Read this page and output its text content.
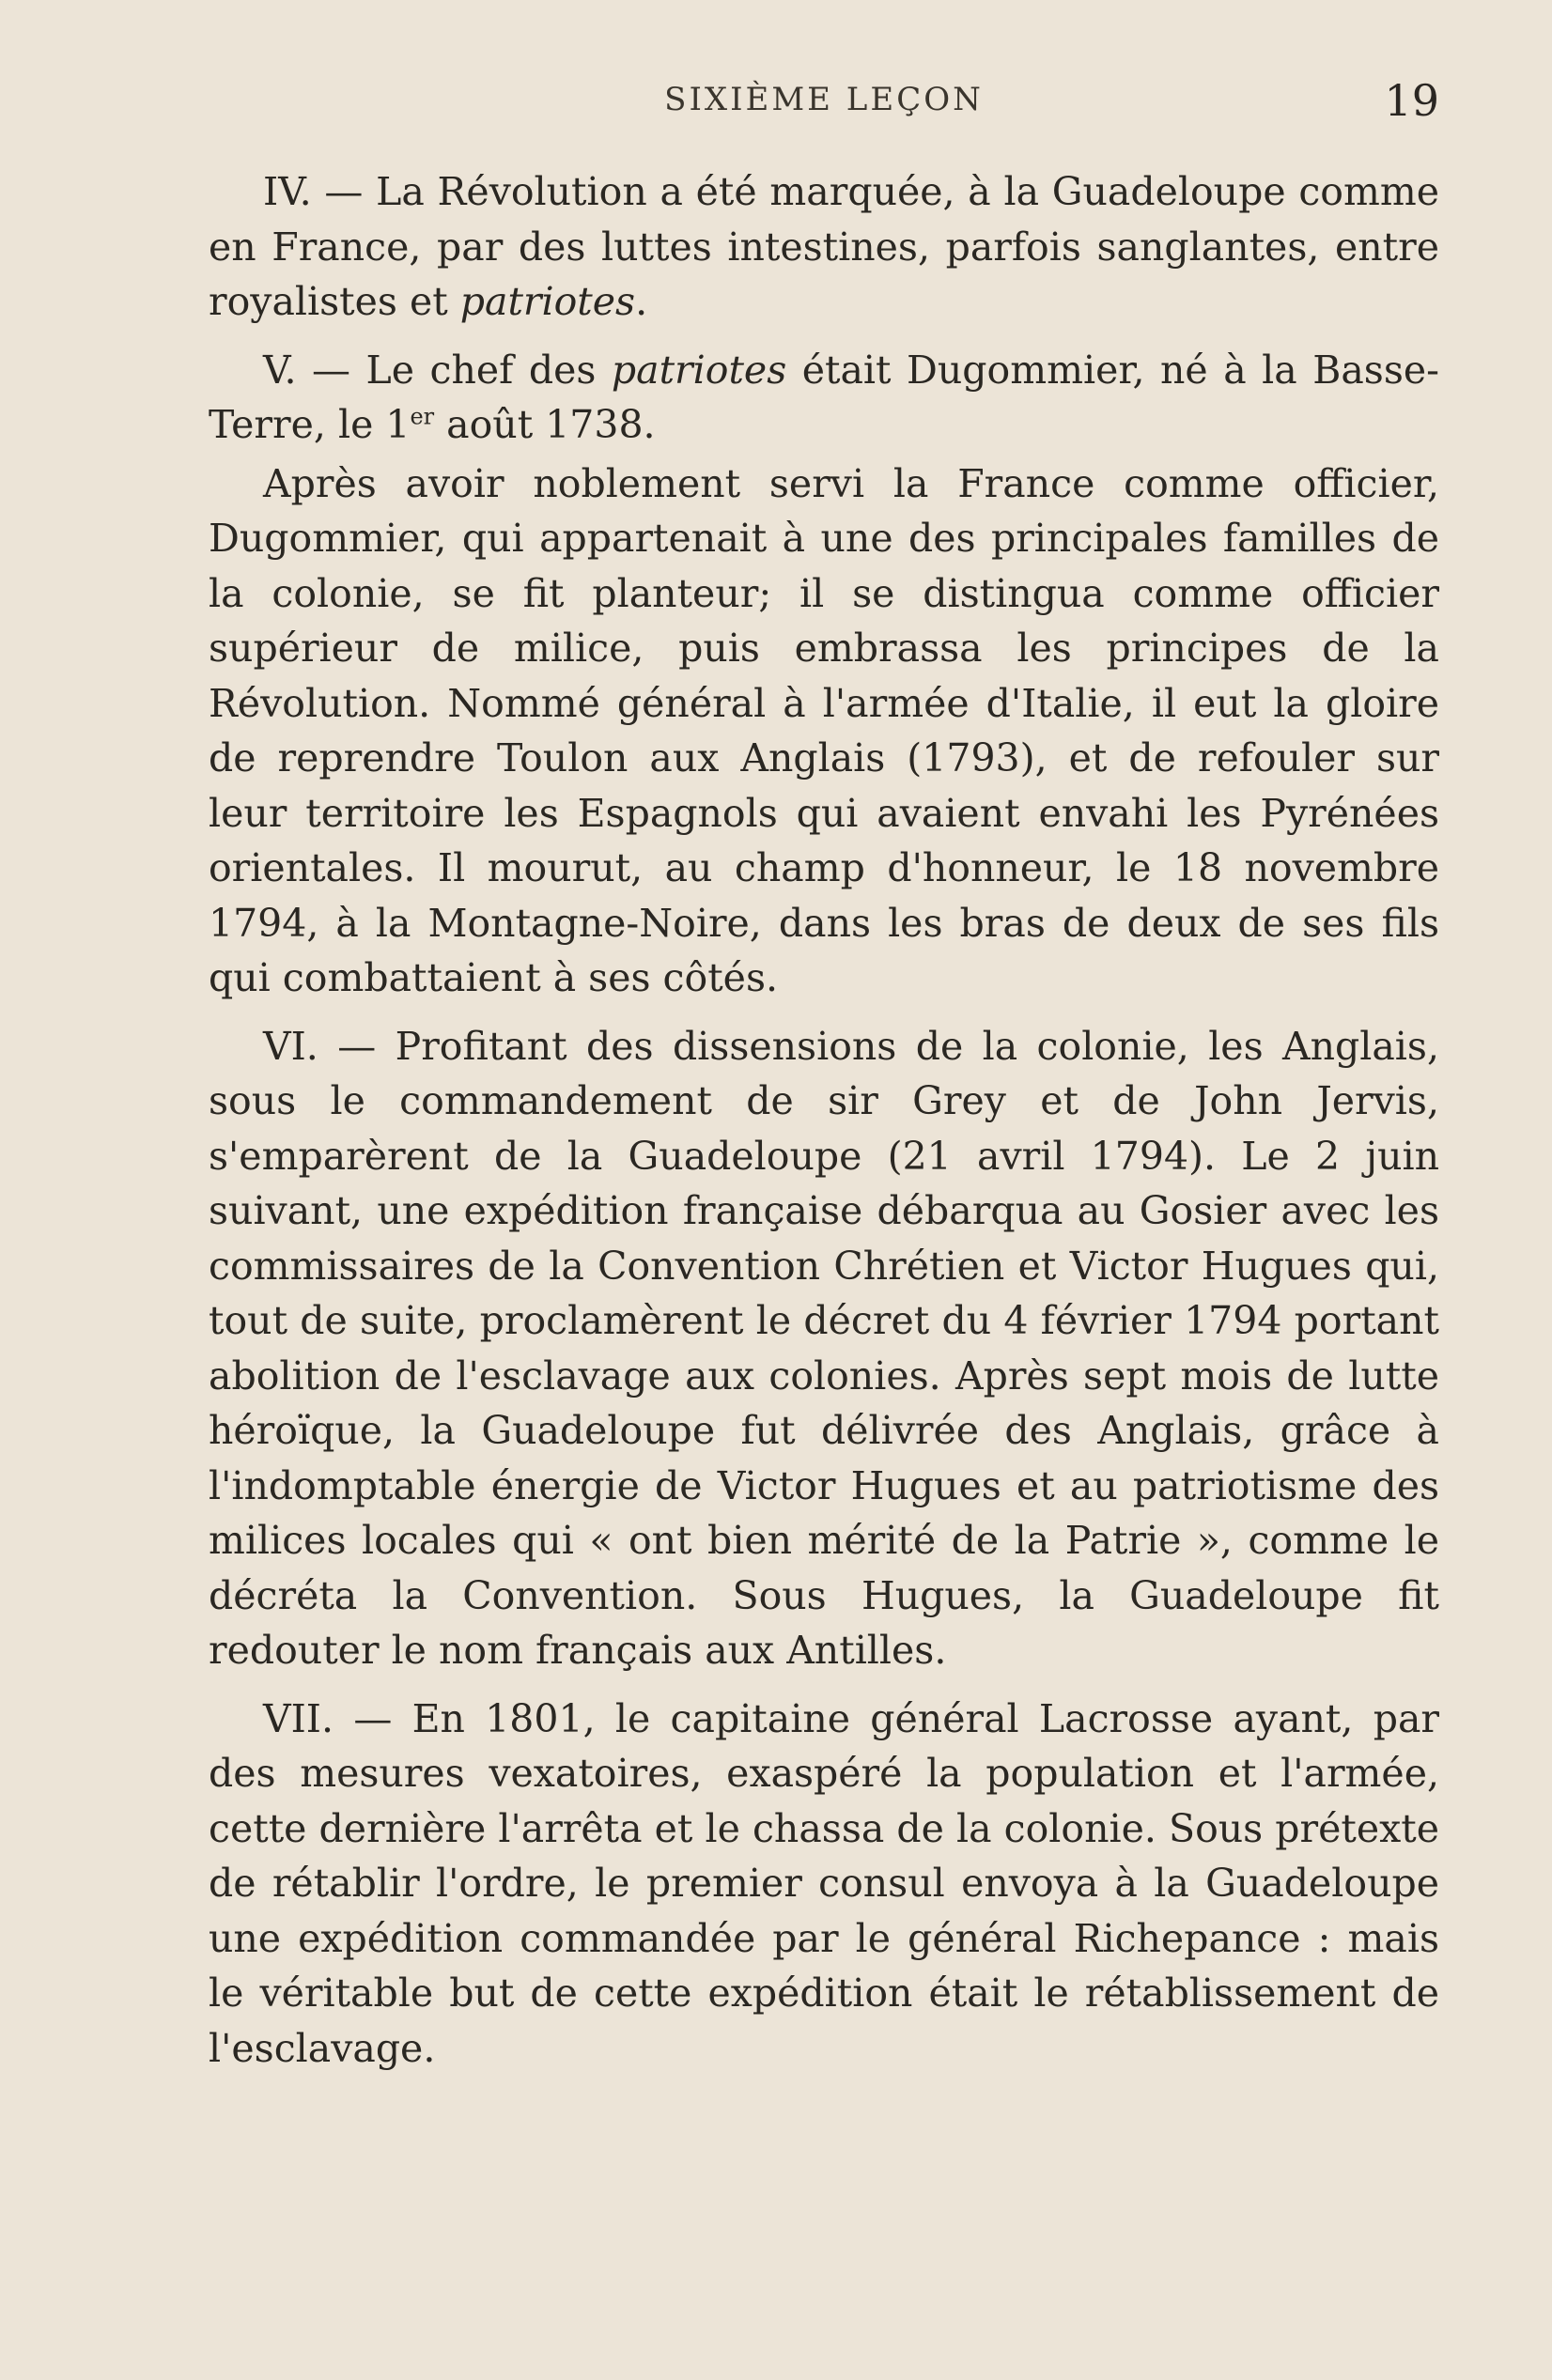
SIXIÈME LEÇON	19

IV. — La Révolution a été marquée, à la Guadeloupe comme en France, par des luttes intestines, parfois sanglantes, entre royalistes et patriotes.

V. — Le chef des patriotes était Dugommier, né à la Basse-Terre, le 1er août 1738.

Après avoir noblement servi la France comme officier, Dugommier, qui appartenait à une des principales familles de la colonie, se fit planteur; il se distingua comme officier supérieur de milice, puis embrassa les principes de la Révolution. Nommé général à l'armée d'Italie, il eut la gloire de reprendre Toulon aux Anglais (1793), et de refouler sur leur territoire les Espagnols qui avaient envahi les Pyrénées orientales. Il mourut, au champ d'honneur, le 18 novembre 1794, à la Montagne-Noire, dans les bras de deux de ses fils qui combattaient à ses côtés.

VI. — Profitant des dissensions de la colonie, les Anglais, sous le commandement de sir Grey et de John Jervis, s'emparèrent de la Guadeloupe (21 avril 1794). Le 2 juin suivant, une expédition française débarqua au Gosier avec les commissaires de la Convention Chrétien et Victor Hugues qui, tout de suite, proclamèrent le décret du 4 février 1794 portant abolition de l'esclavage aux colonies. Après sept mois de lutte héroïque, la Guadeloupe fut délivrée des Anglais, grâce à l'indomptable énergie de Victor Hugues et au patriotisme des milices locales qui « ont bien mérité de la Patrie », comme le décréta la Convention. Sous Hugues, la Guadeloupe fit redouter le nom français aux Antilles.

VII. — En 1801, le capitaine général Lacrosse ayant, par des mesures vexatoires, exaspéré la population et l'armée, cette dernière l'arrêta et le chassa de la colonie. Sous prétexte de rétablir l'ordre, le premier consul envoya à la Guadeloupe une expédition commandée par le général Richepance : mais le véritable but de cette expédition était le rétablissement de l'esclavage.
